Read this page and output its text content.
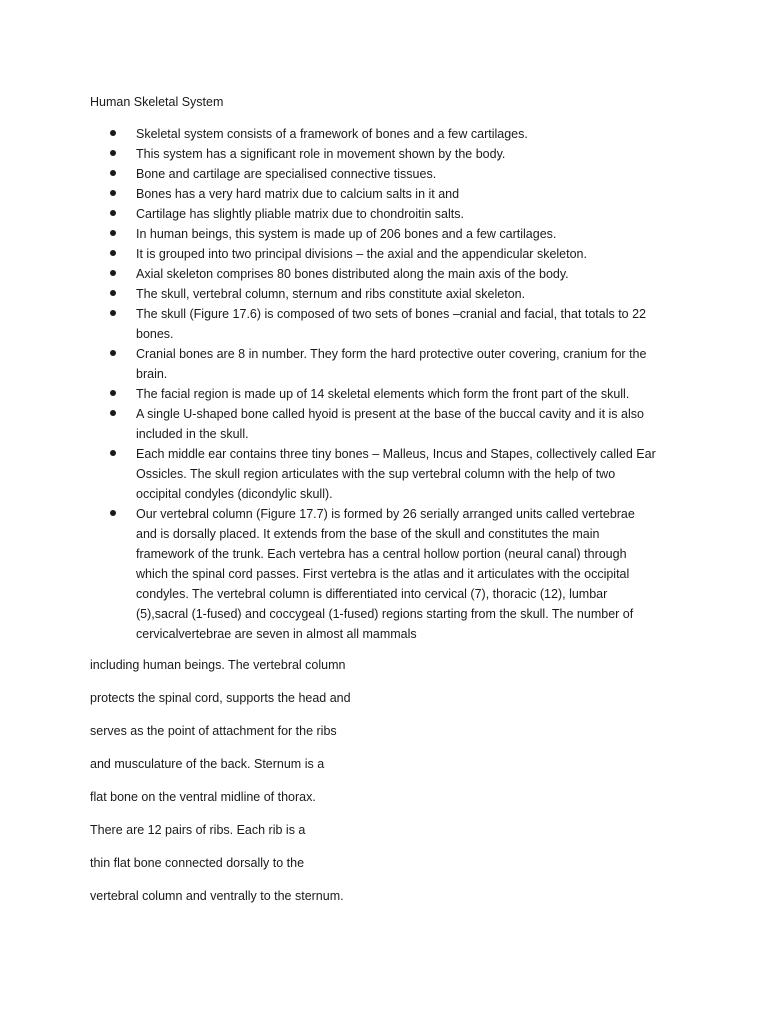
Human Skeletal System
Skeletal system consists of a framework of bones and a few cartilages.
This system has a significant role in movement shown by the body.
Bone and cartilage are specialised connective tissues.
Bones has a very hard matrix due to calcium salts in it and
Cartilage has slightly pliable matrix due to chondroitin salts.
In human beings, this system is made up of 206 bones and a few cartilages.
It is grouped into two principal divisions – the axial and the appendicular skeleton.
Axial skeleton comprises 80 bones distributed along the main axis of the body.
The skull, vertebral column, sternum and ribs constitute axial skeleton.
The skull (Figure 17.6) is composed of two sets of bones –cranial and facial, that totals to 22 bones.
Cranial bones are 8 in number. They form the hard protective outer covering, cranium for the brain.
The facial region is made up of 14 skeletal elements which form the front part of the skull.
A single U-shaped bone called hyoid is present at the base of the buccal cavity and it is also included in the skull.
Each middle ear contains three tiny bones – Malleus, Incus and Stapes, collectively called Ear Ossicles. The skull region articulates with the sup vertebral column with the help of two occipital condyles (dicondylic skull).
Our vertebral column (Figure 17.7) is formed by 26 serially arranged units called vertebrae and is dorsally placed. It extends from the base of the skull and constitutes the main framework of the trunk. Each vertebra has a central hollow portion (neural canal) through which the spinal cord passes. First vertebra is the atlas and it articulates with the occipital condyles. The vertebral column is differentiated into cervical (7), thoracic (12), lumbar (5),sacral (1-fused) and coccygeal (1-fused) regions starting from the skull. The number of cervicalvertebrae are seven in almost all mammals
including human beings. The vertebral column
protects the spinal cord, supports the head and
serves as the point of attachment for the ribs
and musculature of the back. Sternum is a
flat bone on the ventral midline of thorax.
There are 12 pairs of ribs. Each rib is a
thin flat bone connected dorsally to the
vertebral column and ventrally to the sternum.
